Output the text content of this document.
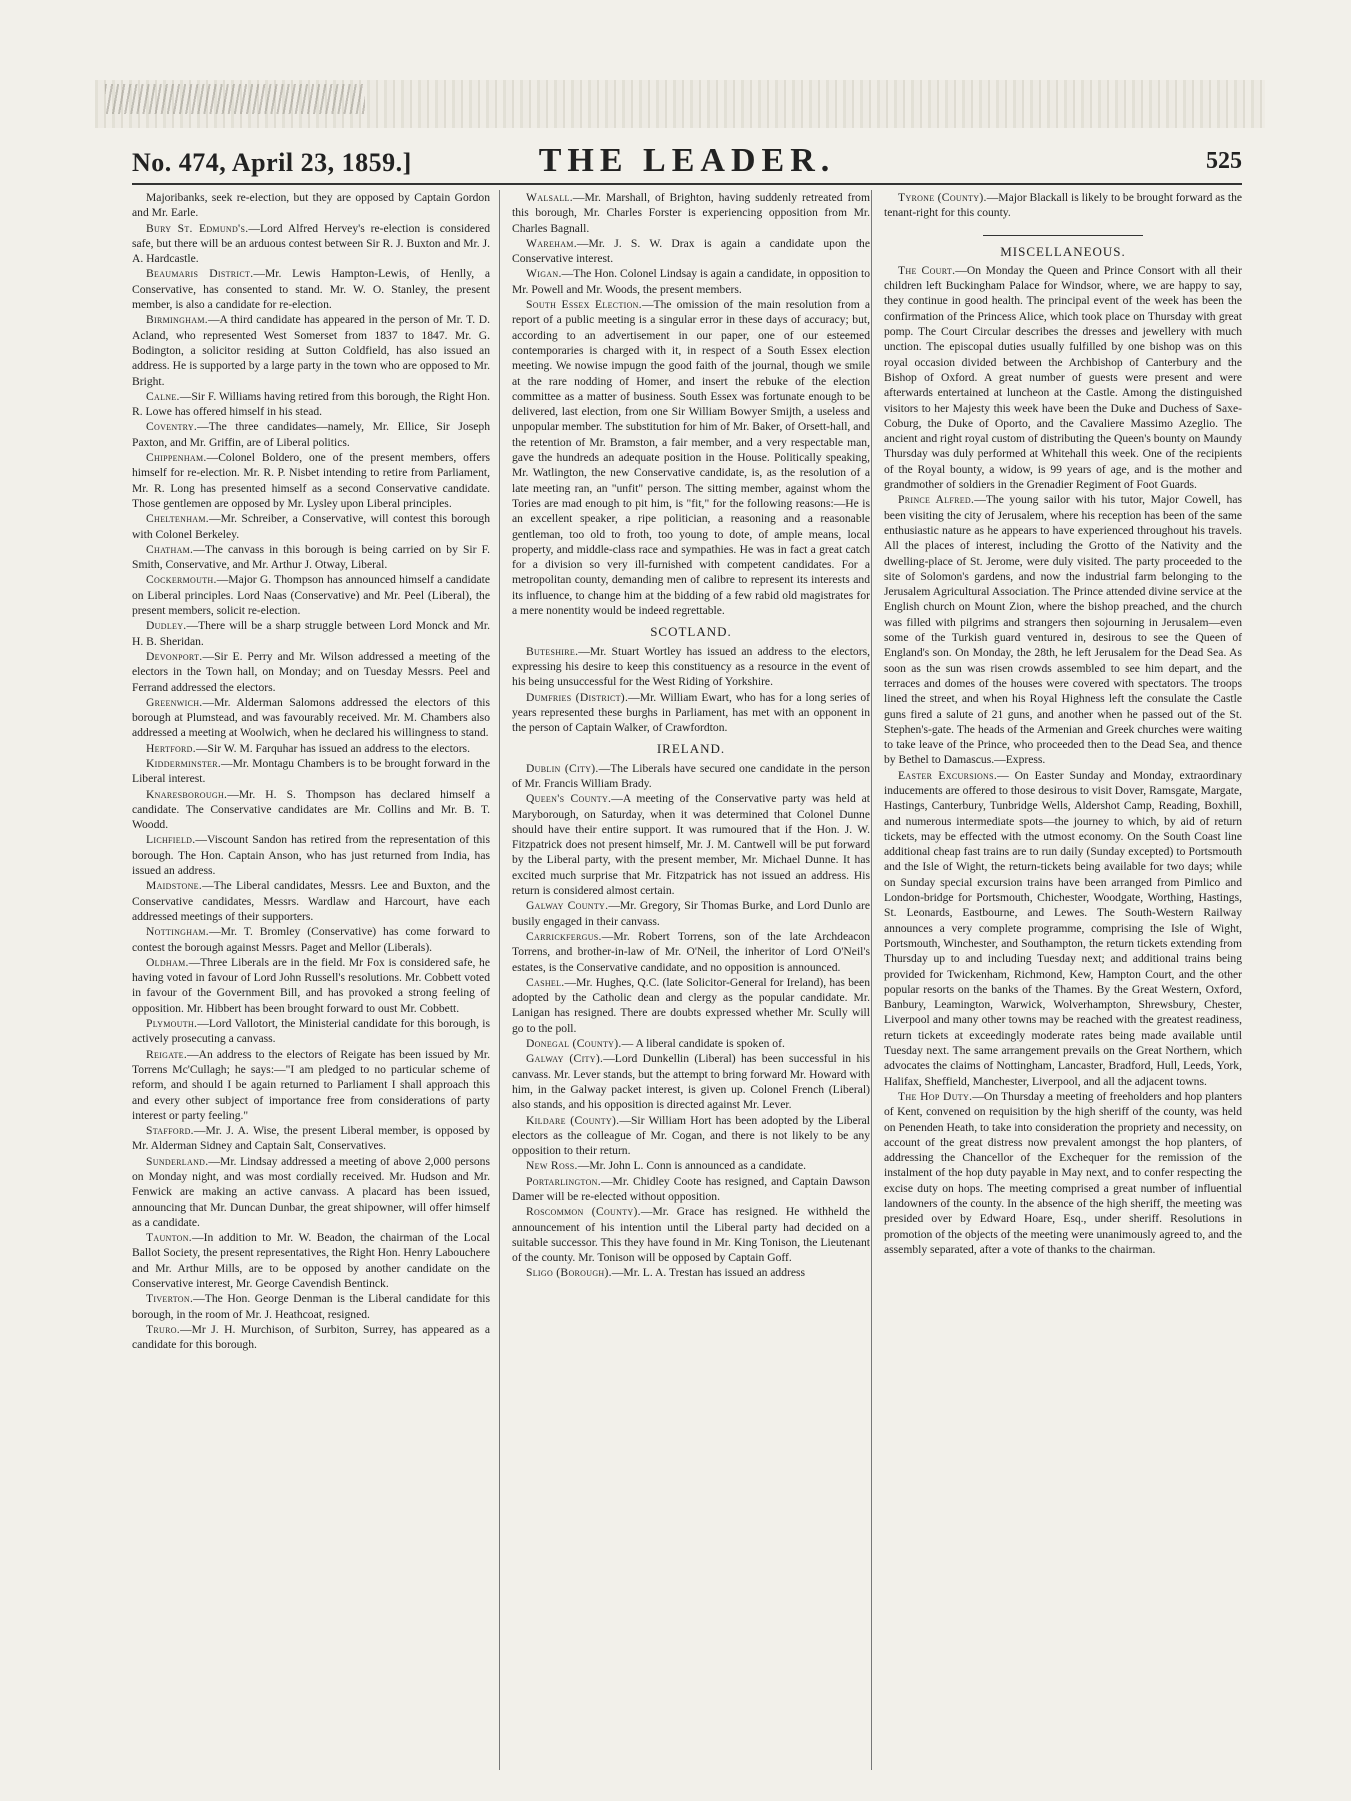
No. 474, April 23, 1859.]	THE LEADER.	525

Majoribanks, seek re-election, but they are opposed by Captain Gordon and Mr. Earle.

Bury St. Edmund's.—Lord Alfred Hervey's re-election is considered safe, but there will be an arduous contest between Sir R. J. Buxton and Mr. J. A. Hardcastle.

Beaumaris District.—Mr. Lewis Hampton-Lewis, of Henlly, a Conservative, has consented to stand. Mr. W. O. Stanley, the present member, is also a candidate for re-election.

Birmingham.—A third candidate has appeared in the person of Mr. T. D. Acland, who represented West Somerset from 1837 to 1847. Mr. G. Bodington, a solicitor residing at Sutton Coldfield, has also issued an address. He is supported by a large party in the town who are opposed to Mr. Bright.

Calne.—Sir F. Williams having retired from this borough, the Right Hon. R. Lowe has offered himself in his stead.

Coventry.—The three candidates—namely, Mr. Ellice, Sir Joseph Paxton, and Mr. Griffin, are of Liberal politics.

Chippenham.—Colonel Boldero, one of the present members, offers himself for re-election. Mr. R. P. Nisbet intending to retire from Parliament, Mr. R. Long has presented himself as a second Conservative candidate. Those gentlemen are opposed by Mr. Lysley upon Liberal principles.

Cheltenham.—Mr. Schreiber, a Conservative, will contest this borough with Colonel Berkeley.

Chatham.—The canvass in this borough is being carried on by Sir F. Smith, Conservative, and Mr. Arthur J. Otway, Liberal.

Cockermouth.—Major G. Thompson has announced himself a candidate on Liberal principles. Lord Naas (Conservative) and Mr. Peel (Liberal), the present members, solicit re-election.

Dudley.—There will be a sharp struggle between Lord Monck and Mr. H. B. Sheridan.

Devonport.—Sir E. Perry and Mr. Wilson addressed a meeting of the electors in the Town hall, on Monday; and on Tuesday Messrs. Peel and Ferrand addressed the electors.

Greenwich.—Mr. Alderman Salomons addressed the electors of this borough at Plumstead, and was favourably received. Mr. M. Chambers also addressed a meeting at Woolwich, when he declared his willingness to stand.

Hertford.—Sir W. M. Farquhar has issued an address to the electors.

Kidderminster.—Mr. Montagu Chambers is to be brought forward in the Liberal interest.

Knaresborough.—Mr. H. S. Thompson has declared himself a candidate. The Conservative candidates are Mr. Collins and Mr. B. T. Woodd.

Lichfield.—Viscount Sandon has retired from the representation of this borough. The Hon. Captain Anson, who has just returned from India, has issued an address.

Maidstone.—The Liberal candidates, Messrs. Lee and Buxton, and the Conservative candidates, Messrs. Wardlaw and Harcourt, have each addressed meetings of their supporters.

Nottingham.—Mr. T. Bromley (Conservative) has come forward to contest the borough against Messrs. Paget and Mellor (Liberals).

Oldham.—Three Liberals are in the field. Mr Fox is considered safe, he having voted in favour of Lord John Russell's resolutions. Mr. Cobbett voted in favour of the Government Bill, and has provoked a strong feeling of opposition. Mr. Hibbert has been brought forward to oust Mr. Cobbett.

Plymouth.—Lord Vallotort, the Ministerial candidate for this borough, is actively prosecuting a canvass.

Reigate.—An address to the electors of Reigate has been issued by Mr. Torrens Mc'Cullagh; he says:—"I am pledged to no particular scheme of reform, and should I be again returned to Parliament I shall approach this and every other subject of importance free from considerations of party interest or party feeling."

Stafford.—Mr. J. A. Wise, the present Liberal member, is opposed by Mr. Alderman Sidney and Captain Salt, Conservatives.

Sunderland.—Mr. Lindsay addressed a meeting of above 2,000 persons on Monday night, and was most cordially received. Mr. Hudson and Mr. Fenwick are making an active canvass. A placard has been issued, announcing that Mr. Duncan Dunbar, the great shipowner, will offer himself as a candidate.

Taunton.—In addition to Mr. W. Beadon, the chairman of the Local Ballot Society, the present representatives, the Right Hon. Henry Labouchere and Mr. Arthur Mills, are to be opposed by another candidate on the Conservative interest, Mr. George Cavendish Bentinck.

Tiverton.—The Hon. George Denman is the Liberal candidate for this borough, in the room of Mr. J. Heathcoat, resigned.

Truro.—Mr J. H. Murchison, of Surbiton, Surrey, has appeared as a candidate for this borough.

Walsall.—Mr. Marshall, of Brighton, having suddenly retreated from this borough, Mr. Charles Forster is experiencing opposition from Mr. Charles Bagnall.

Wareham.—Mr. J. S. W. Drax is again a candidate upon the Conservative interest.

Wigan.—The Hon. Colonel Lindsay is again a candidate, in opposition to Mr. Powell and Mr. Woods, the present members.

South Essex Election.—The omission of the main resolution from a report of a public meeting is a singular error in these days of accuracy; but, according to an advertisement in our paper, one of our esteemed contemporaries is charged with it, in respect of a South Essex election meeting. We nowise impugn the good faith of the journal, though we smile at the rare nodding of Homer, and insert the rebuke of the election committee as a matter of business. South Essex was fortunate enough to be delivered, last election, from one Sir William Bowyer Smijth, a useless and unpopular member. The substitution for him of Mr. Baker, of Orsett-hall, and the retention of Mr. Bramston, a fair member, and a very respectable man, gave the hundreds an adequate position in the House. Politically speaking, Mr. Watlington, the new Conservative candidate, is, as the resolution of a late meeting ran, an "unfit" person. The sitting member, against whom the Tories are mad enough to pit him, is "fit," for the following reasons:—He is an excellent speaker, a ripe politician, a reasoning and a reasonable gentleman, too old to froth, too young to dote, of ample means, local property, and middle-class race and sympathies. He was in fact a great catch for a division so very ill-furnished with competent candidates. For a metropolitan county, demanding men of calibre to represent its interests and its influence, to change him at the bidding of a few rabid old magistrates for a mere nonentity would be indeed regrettable.

SCOTLAND.

Buteshire.—Mr. Stuart Wortley has issued an address to the electors, expressing his desire to keep this constituency as a resource in the event of his being unsuccessful for the West Riding of Yorkshire.

Dumfries (District).—Mr. William Ewart, who has for a long series of years represented these burghs in Parliament, has met with an opponent in the person of Captain Walker, of Crawfordton.

IRELAND.

Dublin (City).—The Liberals have secured one candidate in the person of Mr. Francis William Brady.

Queen's County.—A meeting of the Conservative party was held at Maryborough, on Saturday, when it was determined that Colonel Dunne should have their entire support. It was rumoured that if the Hon. J. W. Fitzpatrick does not present himself, Mr. J. M. Cantwell will be put forward by the Liberal party, with the present member, Mr. Michael Dunne. It has excited much surprise that Mr. Fitzpatrick has not issued an address. His return is considered almost certain.

Galway County.—Mr. Gregory, Sir Thomas Burke, and Lord Dunlo are busily engaged in their canvass.

Carrickfergus.—Mr. Robert Torrens, son of the late Archdeacon Torrens, and brother-in-law of Mr. O'Neil, the inheritor of Lord O'Neil's estates, is the Conservative candidate, and no opposition is announced.

Cashel.—Mr. Hughes, Q.C. (late Solicitor-General for Ireland), has been adopted by the Catholic dean and clergy as the popular candidate. Mr. Lanigan has resigned. There are doubts expressed whether Mr. Scully will go to the poll.

Donegal (County).— A liberal candidate is spoken of.

Galway (City).—Lord Dunkellin (Liberal) has been successful in his canvass. Mr. Lever stands, but the attempt to bring forward Mr. Howard with him, in the Galway packet interest, is given up. Colonel French (Liberal) also stands, and his opposition is directed against Mr. Lever.

Kildare (County).—Sir William Hort has been adopted by the Liberal electors as the colleague of Mr. Cogan, and there is not likely to be any opposition to their return.

New Ross.—Mr. John L. Conn is announced as a candidate.

Portarlington.—Mr. Chidley Coote has resigned, and Captain Dawson Damer will be re-elected without opposition.

Roscommon (County).—Mr. Grace has resigned. He withheld the announcement of his intention until the Liberal party had decided on a suitable successor. This they have found in Mr. King Tonison, the Lieutenant of the county. Mr. Tonison will be opposed by Captain Goff.

Sligo (Borough).—Mr. L. A. Trestan has issued an address

Tyrone (County).—Major Blackall is likely to be brought forward as the tenant-right for this county.

MISCELLANEOUS.

The Court.—On Monday the Queen and Prince Consort with all their children left Buckingham Palace for Windsor, where, we are happy to say, they continue in good health. The principal event of the week has been the confirmation of the Princess Alice, which took place on Thursday with great pomp. The Court Circular describes the dresses and jewellery with much unction. The episcopal duties usually fulfilled by one bishop was on this royal occasion divided between the Archbishop of Canterbury and the Bishop of Oxford. A great number of guests were present and were afterwards entertained at luncheon at the Castle. Among the distinguished visitors to her Majesty this week have been the Duke and Duchess of Saxe-Coburg, the Duke of Oporto, and the Cavaliere Massimo Azeglio. The ancient and right royal custom of distributing the Queen's bounty on Maundy Thursday was duly performed at Whitehall this week. One of the recipients of the Royal bounty, a widow, is 99 years of age, and is the mother and grandmother of soldiers in the Grenadier Regiment of Foot Guards.

Prince Alfred.—The young sailor with his tutor, Major Cowell, has been visiting the city of Jerusalem, where his reception has been of the same enthusiastic nature as he appears to have experienced throughout his travels. All the places of interest, including the Grotto of the Nativity and the dwelling-place of St. Jerome, were duly visited. The party proceeded to the site of Solomon's gardens, and now the industrial farm belonging to the Jerusalem Agricultural Association. The Prince attended divine service at the English church on Mount Zion, where the bishop preached, and the church was filled with pilgrims and strangers then sojourning in Jerusalem—even some of the Turkish guard ventured in, desirous to see the Queen of England's son. On Monday, the 28th, he left Jerusalem for the Dead Sea. As soon as the sun was risen crowds assembled to see him depart, and the terraces and domes of the houses were covered with spectators. The troops lined the street, and when his Royal Highness left the consulate the Castle guns fired a salute of 21 guns, and another when he passed out of the St. Stephen's-gate. The heads of the Armenian and Greek churches were waiting to take leave of the Prince, who proceeded then to the Dead Sea, and thence by Bethel to Damascus.—Express.

Easter Excursions.— On Easter Sunday and Monday, extraordinary inducements are offered to those desirous to visit Dover, Ramsgate, Margate, Hastings, Canterbury, Tunbridge Wells, Aldershot Camp, Reading, Boxhill, and numerous intermediate spots—the journey to which, by aid of return tickets, may be effected with the utmost economy. On the South Coast line additional cheap fast trains are to run daily (Sunday excepted) to Portsmouth and the Isle of Wight, the return-tickets being available for two days; while on Sunday special excursion trains have been arranged from Pimlico and London-bridge for Portsmouth, Chichester, Woodgate, Worthing, Hastings, St. Leonards, Eastbourne, and Lewes. The South-Western Railway announces a very complete programme, comprising the Isle of Wight, Portsmouth, Winchester, and Southampton, the return tickets extending from Thursday up to and including Tuesday next; and additional trains being provided for Twickenham, Richmond, Kew, Hampton Court, and the other popular resorts on the banks of the Thames. By the Great Western, Oxford, Banbury, Leamington, Warwick, Wolverhampton, Shrewsbury, Chester, Liverpool and many other towns may be reached with the greatest readiness, return tickets at exceedingly moderate rates being made available until Tuesday next. The same arrangement prevails on the Great Northern, which advocates the claims of Nottingham, Lancaster, Bradford, Hull, Leeds, York, Halifax, Sheffield, Manchester, Liverpool, and all the adjacent towns.

The Hop Duty.—On Thursday a meeting of freeholders and hop planters of Kent, convened on requisition by the high sheriff of the county, was held on Penenden Heath, to take into consideration the propriety and necessity, on account of the great distress now prevalent amongst the hop planters, of addressing the Chancellor of the Exchequer for the remission of the instalment of the hop duty payable in May next, and to confer respecting the excise duty on hops. The meeting comprised a great number of influential landowners of the county. In the absence of the high sheriff, the meeting was presided over by Edward Hoare, Esq., under sheriff. Resolutions in promotion of the objects of the meeting were unanimously agreed to, and the assembly separated, after a vote of thanks to the chairman.
